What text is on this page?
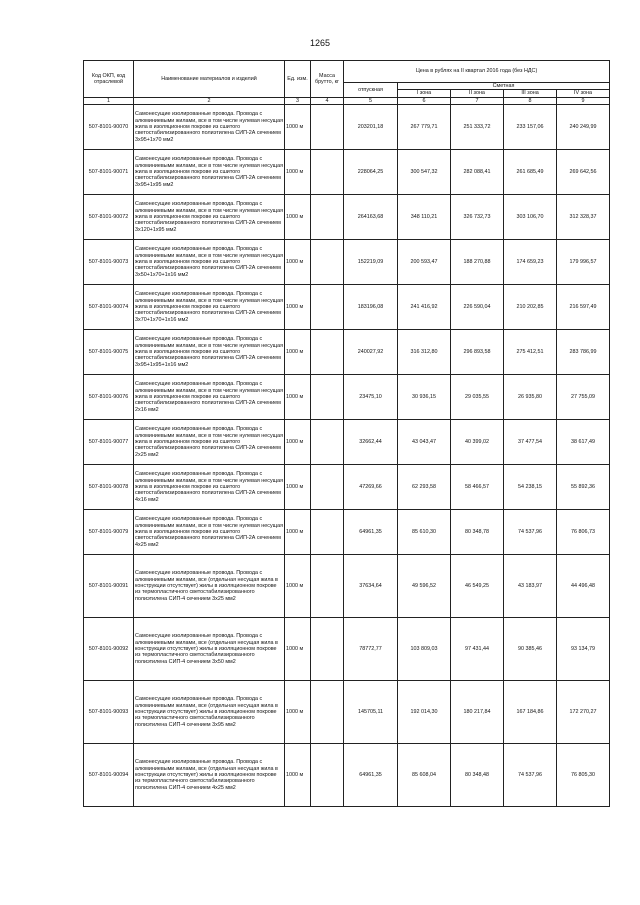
1265
Код ОКП, код отраслевой	Наименование материалов и изделий	Ед. изм.	Масса брутто, кг	Цена в рублях на II квартал 2016 года (без НДС)				
				отпускная	Сметная			
					I зона	II зона	III зона	IV зона
1	2	3	4	5	6	7	8	9
507-8101-90070	Самонесущие изолированные провода. Провода с алюминиевыми жилами, все в том числе нулевая несущая жила в изоляционном покрове из сшитого светостабилизированного полиэтилена СИП-2А сечением 3х95+1х70 мм2	1000 м		203201,18	267 779,71	251 333,72	233 157,06	240 249,99
507-8101-90071	Самонесущие изолированные провода. Провода с алюминиевыми жилами, все в том числе нулевая несущая жила в изоляционном покрове из сшитого светостабилизированного полиэтилена СИП-2А сечением 3х95+1х95 мм2	1000 м		228064,25	300 547,32	282 088,41	261 685,49	269 642,56
507-8101-90072	Самонесущие изолированные провода. Провода с алюминиевыми жилами, все в том числе нулевая несущая жила в изоляционном покрове из сшитого светостабилизированного полиэтилена СИП-2А сечением 3х120+1х95 мм2	1000 м		264163,68	348 110,21	326 732,73	303 106,70	312 328,37
507-8101-90073	Самонесущие изолированные провода. Провода с алюминиевыми жилами, все в том числе нулевая несущая жила в изоляционном покрове из сшитого светостабилизированного полиэтилена СИП-2А сечением 3х50+1х70+1х16 мм2	1000 м		152219,09	200 593,47	188 270,88	174 659,23	179 996,57
507-8101-90074	Самонесущие изолированные провода. Провода с алюминиевыми жилами, все в том числе нулевая несущая жила в изоляционном покрове из сшитого светостабилизированного полиэтилена СИП-2А сечением 3х70+1х70+1х16 мм2	1000 м		183196,08	241 416,92	226 590,04	210 202,85	216 597,49
507-8101-90075	Самонесущие изолированные провода. Провода с алюминиевыми жилами, все в том числе нулевая несущая жила в изоляционном покрове из сшитого светостабилизированного полиэтилена СИП-2А сечением 3х95+1х95+1х16 мм2	1000 м		240027,92	316 312,80	296 893,58	275 412,51	283 786,99
507-8101-90076	Самонесущие изолированные провода. Провода с алюминиевыми жилами, все в том числе нулевая несущая жила в изоляционном покрове из сшитого светостабилизированного полиэтилена СИП-2А сечением 2х16 мм2	1000 м		23475,10	30 936,15	29 035,55	26 935,80	27 755,09
507-8101-90077	Самонесущие изолированные провода. Провода с алюминиевыми жилами, все в том числе нулевая несущая жила в изоляционном покрове из сшитого светостабилизированного полиэтилена СИП-2А сечением 2х25 мм2	1000 м		32662,44	43 043,47	40 399,02	37 477,54	38 617,49
507-8101-90078	Самонесущие изолированные провода. Провода с алюминиевыми жилами, все в том числе нулевая несущая жила в изоляционном покрове из сшитого светостабилизированного полиэтилена СИП-2А сечением 4х16 мм2	1000 м		47269,66	62 293,58	58 466,57	54 238,15	55 892,36
507-8101-90079	Самонесущие изолированные провода. Провода с алюминиевыми жилами, все в том числе нулевая несущая жила в изоляционном покрове из сшитого светостабилизированного полиэтилена СИП-2А сечением 4х25 мм2	1000 м		64961,35	85 610,30	80 348,78	74 537,96	76 806,73
507-8101-90091	Самонесущие изолированные провода. Провода с алюминиевыми жилами, все (отдельная несущая жила в конструкции отсутствует) жилы в изоляционном покрове из термопластичного светостабилизированного полиэтилена СИП-4 сечением 3х25 мм2	1000 м		37634,64	49 596,52	46 549,25	43 183,97	44 496,48
507-8101-90092	Самонесущие изолированные провода. Провода с алюминиевыми жилами, все (отдельная несущая жила в конструкции отсутствует) жилы в изоляционном покрове из термопластичного светостабилизированного полиэтилена СИП-4 сечением 3х50 мм2	1000 м		78772,77	103 809,03	97 431,44	90 385,46	93 134,79
507-8101-90093	Самонесущие изолированные провода. Провода с алюминиевыми жилами, все (отдельная несущая жила в конструкции отсутствует) жилы в изоляционном покрове из термопластичного светостабилизированного полиэтилена СИП-4 сечением 3х95 мм2	1000 м		145705,11	192 014,30	180 217,84	167 184,86	172 270,27
507-8101-90094	Самонесущие изолированные провода. Провода с алюминиевыми жилами, все (отдельная несущая жила в конструкции отсутствует) жилы в изоляционном покрове из термопластичного светостабилизированного полиэтилена СИП-4 сечением 4х25 мм2	1000 м		64961,35	85 608,04	80 348,48	74 537,96	76 805,30
